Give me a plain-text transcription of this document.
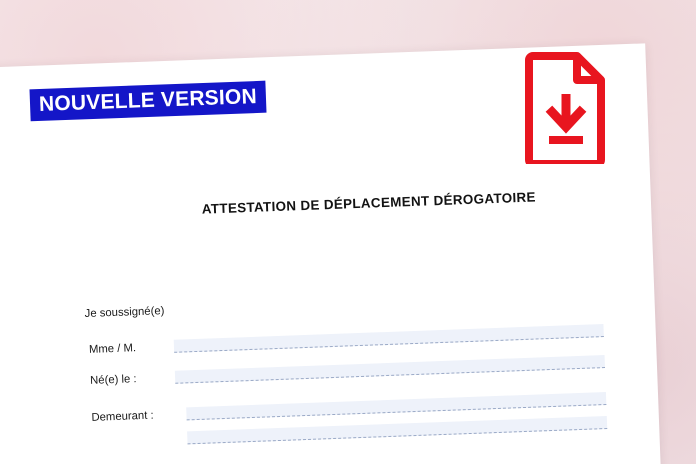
ATTESTATION DE DÉPLACEMENT DÉROGATOIRE
Je soussigné(e)
Mme / M.
Né(e) le :
Demeurant :
NOUVELLE VERSION
